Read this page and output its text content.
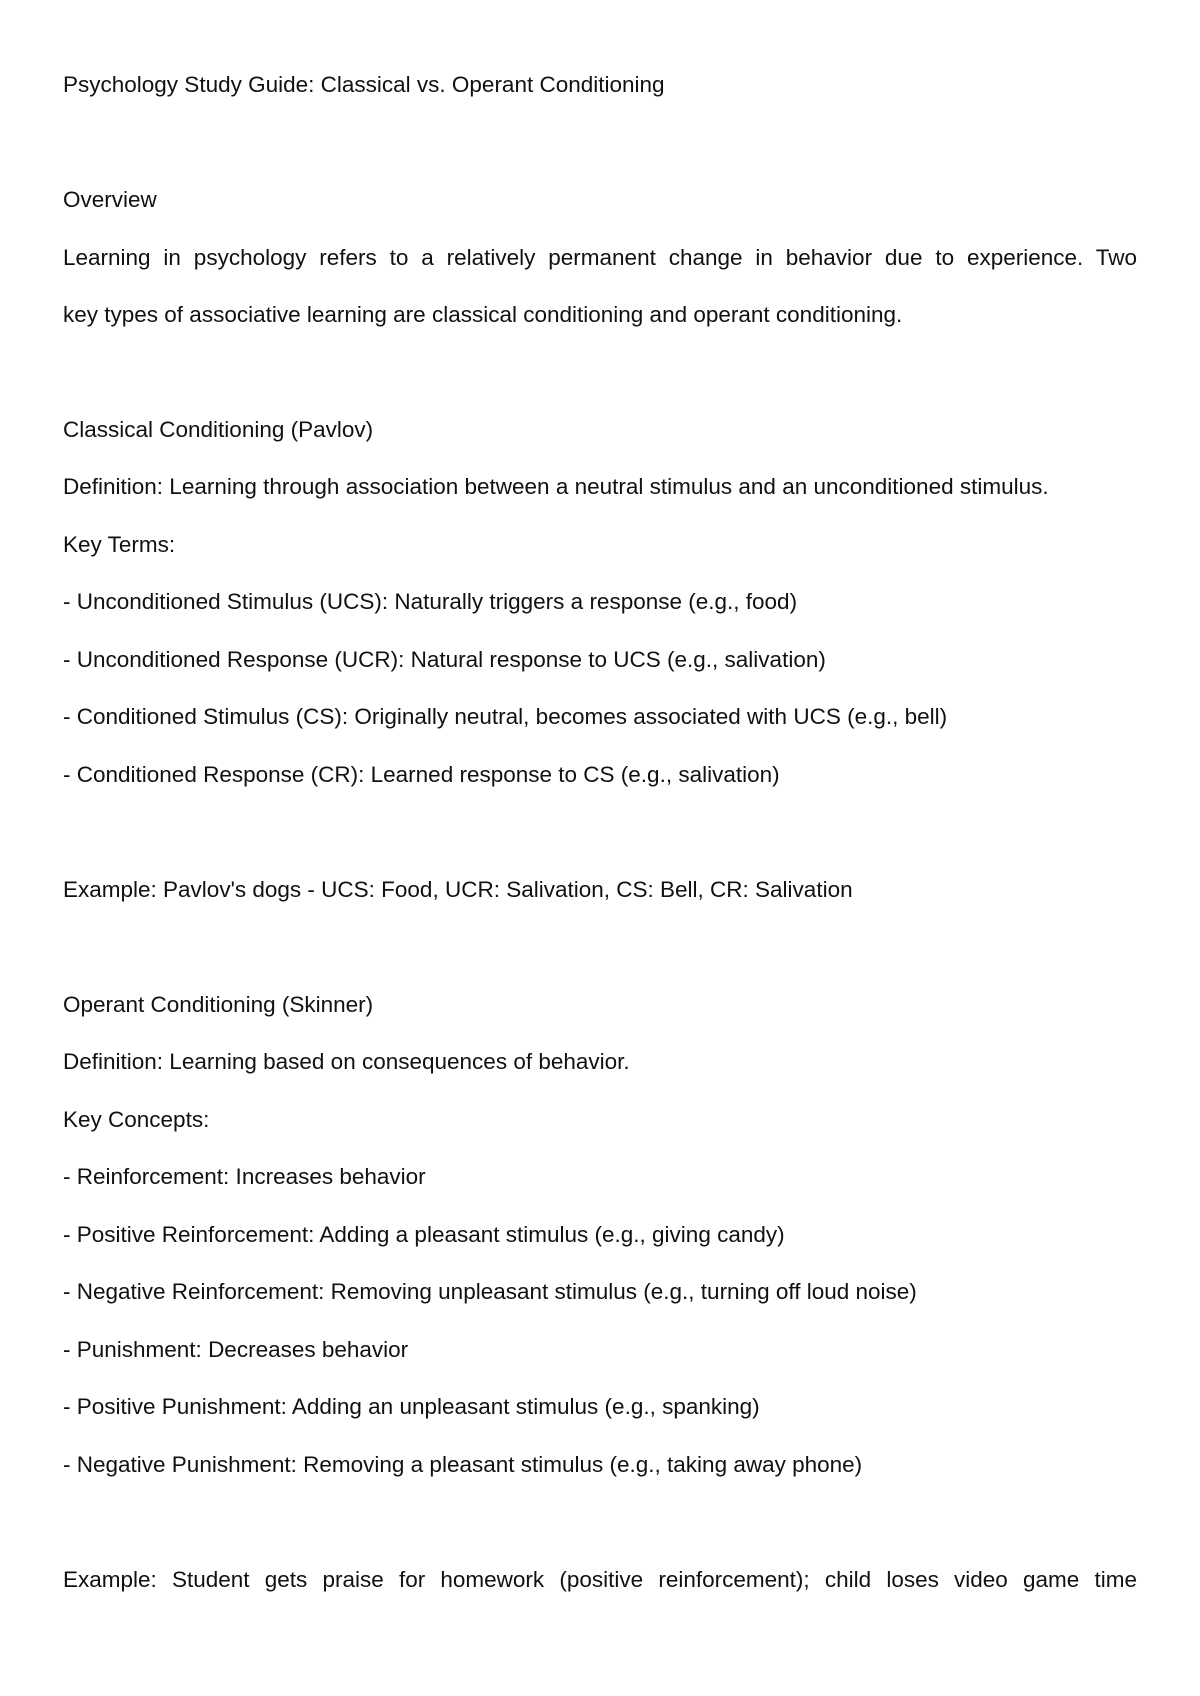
Psychology Study Guide: Classical vs. Operant Conditioning

Overview

Learning in psychology refers to a relatively permanent change in behavior due to experience. Two

key types of associative learning are classical conditioning and operant conditioning.

Classical Conditioning (Pavlov)

Definition: Learning through association between a neutral stimulus and an unconditioned stimulus.

Key Terms:

- Unconditioned Stimulus (UCS): Naturally triggers a response (e.g., food)

- Unconditioned Response (UCR): Natural response to UCS (e.g., salivation)

- Conditioned Stimulus (CS): Originally neutral, becomes associated with UCS (e.g., bell)

- Conditioned Response (CR): Learned response to CS (e.g., salivation)

Example: Pavlov's dogs - UCS: Food, UCR: Salivation, CS: Bell, CR: Salivation

Operant Conditioning (Skinner)

Definition: Learning based on consequences of behavior.

Key Concepts:

- Reinforcement: Increases behavior

- Positive Reinforcement: Adding a pleasant stimulus (e.g., giving candy)

- Negative Reinforcement: Removing unpleasant stimulus (e.g., turning off loud noise)

- Punishment: Decreases behavior

- Positive Punishment: Adding an unpleasant stimulus (e.g., spanking)

- Negative Punishment: Removing a pleasant stimulus (e.g., taking away phone)

Example: Student gets praise for homework (positive reinforcement); child loses video game time
